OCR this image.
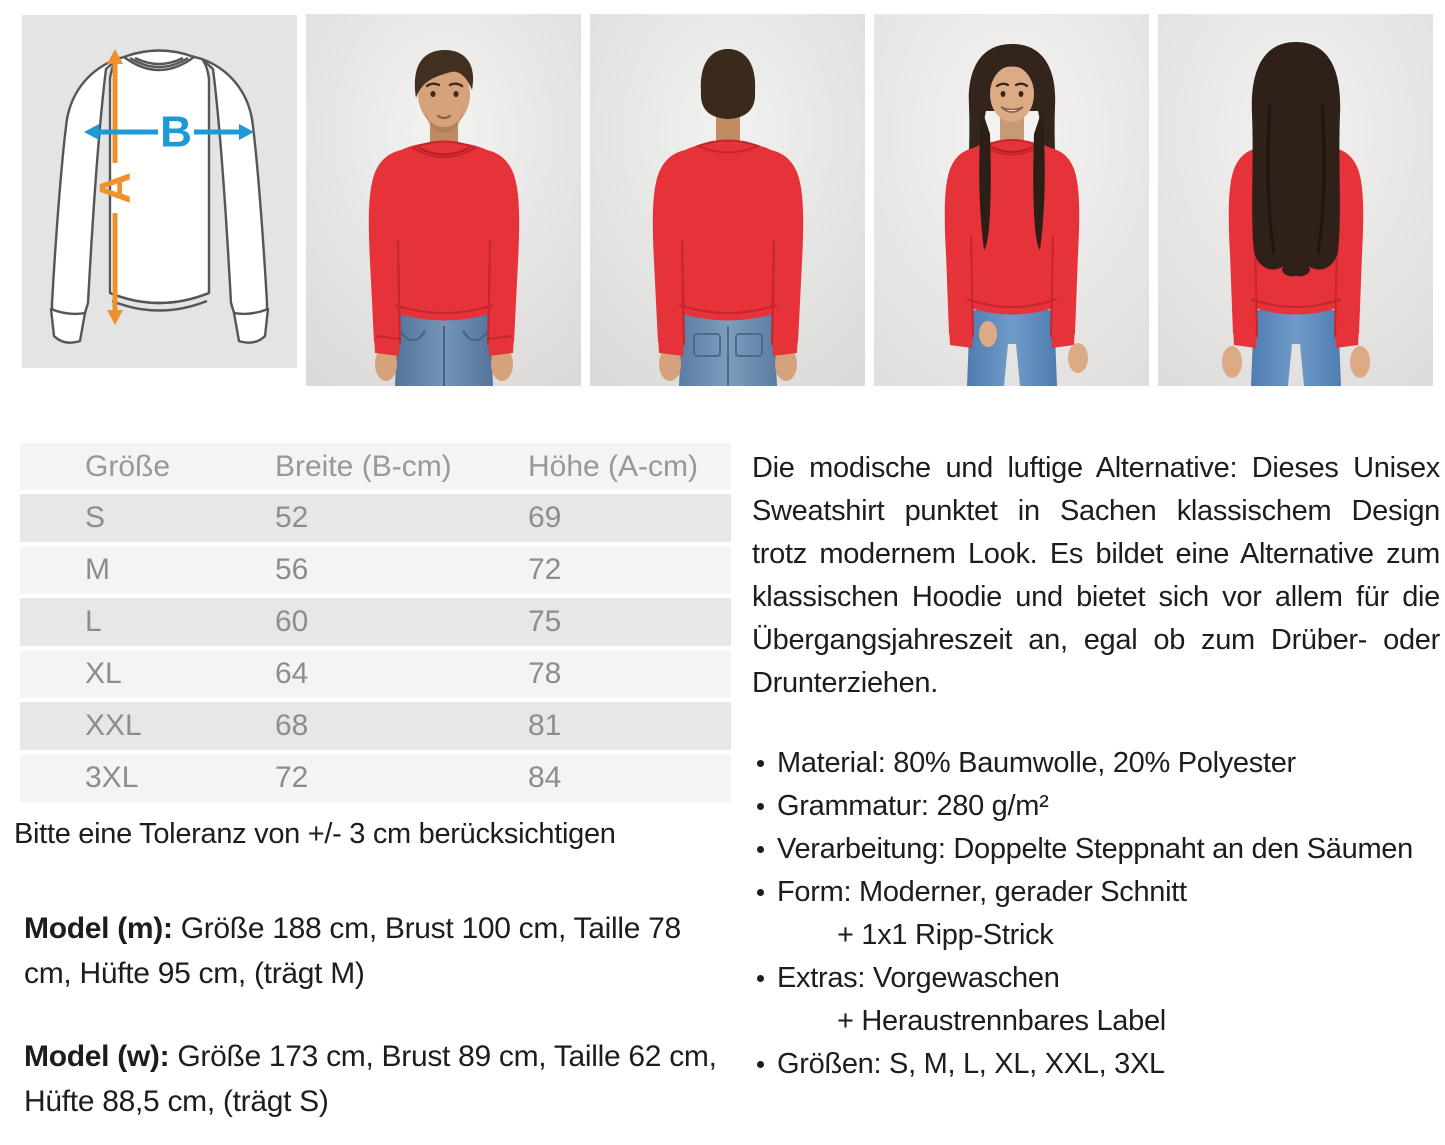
A
B
Größe	Breite (B-cm)	Höhe (A-cm)
S	52	69
M	56	72
L	60	75
XL	64	78
XXL	68	81
3XL	72	84
Bitte eine Toleranz von +/- 3 cm berücksichtigen
Model (m): Größe 188 cm, Brust 100 cm, Taille 78 cm, Hüfte 95 cm, (trägt M)
Model (w): Größe 173 cm, Brust 89 cm, Taille 62 cm, Hüfte 88,5 cm, (trägt S)
Die modische und luftige Alternative: Dieses Unisex Sweatshirt punktet in Sachen klassischem Design trotz modernem Look. Es bildet eine Alternative zum klassischen Hoodie und bietet sich vor allem für die Übergangsjahreszeit an, egal ob zum Drüber- oder Drunterziehen.
Material: 80% Baumwolle, 20% Polyester
Grammatur: 280 g/m²
Verarbeitung: Doppelte Steppnaht an den Säumen
Form: Moderner, gerader Schnitt
+ 1x1 Ripp-Strick
Extras: Vorgewaschen
+ Heraustrennbares Label
Größen: S, M, L, XL, XXL, 3XL
